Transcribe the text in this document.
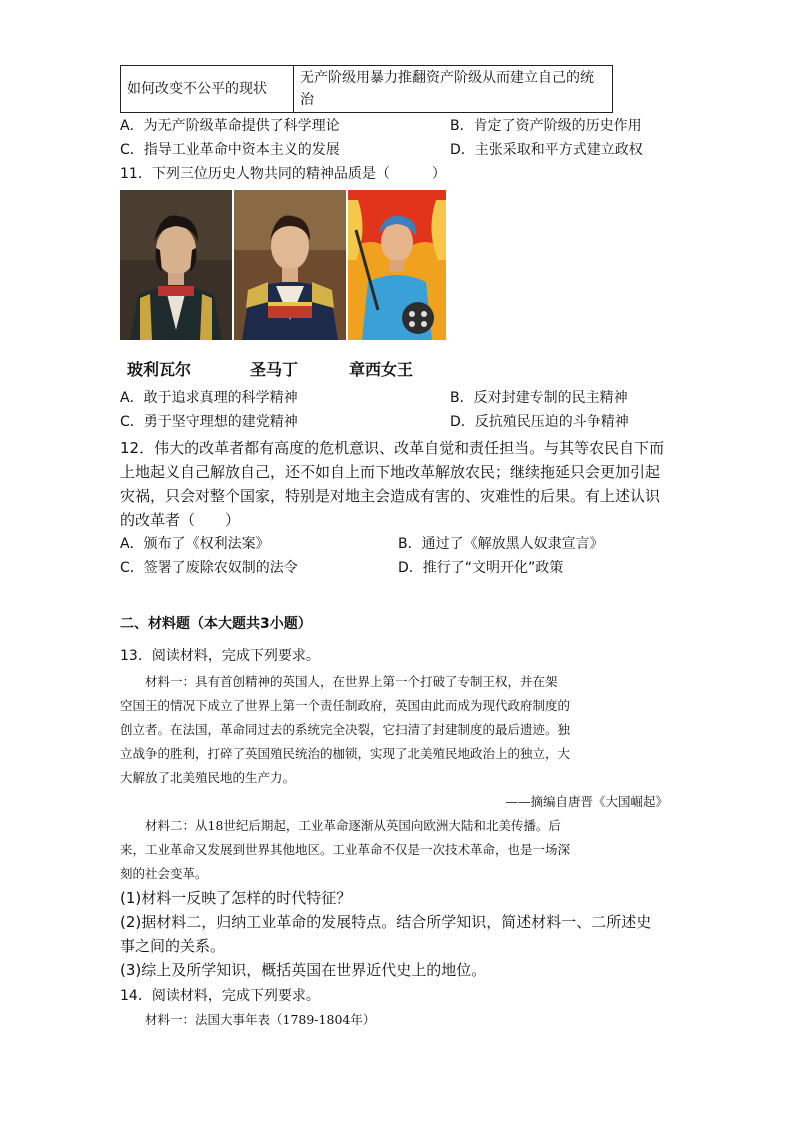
如何改变不公平的现状	无产阶级用暴力推翻资产阶级从而建立自己的统治
A．为无产阶级革命提供了科学理论	B．肯定了资产阶级的历史作用
C．指导工业革命中资本主义的发展	D．主张采取和平方式建立政权
11．下列三位历史人物共同的精神品质是（　　　）
玻利瓦尔	圣马丁	章西女王
A．敢于追求真理的科学精神	B．反对封建专制的民主精神
C．勇于坚守理想的建党精神	D．反抗殖民压迫的斗争精神
12．伟大的改革者都有高度的危机意识、改革自觉和责任担当。与其等农民自下而
上地起义自己解放自己，还不如自上而下地改革解放农民；继续拖延只会更加引起
灾祸，只会对整个国家，特别是对地主会造成有害的、灾难性的后果。有上述认识
的改革者（　　）
A．颁布了《权利法案》	B．通过了《解放黑人奴隶宣言》
C．签署了废除农奴制的法令	D．推行了“文明开化”政策
二、材料题（本大题共3小题）
13．阅读材料，完成下列要求。
　　材料一：具有首创精神的英国人，在世界上第一个打破了专制王权，并在架
空国王的情况下成立了世界上第一个责任制政府，英国由此而成为现代政府制度的
创立者。在法国，革命同过去的系统完全决裂，它扫清了封建制度的最后遗迹。独
立战争的胜利，打碎了英国殖民统治的枷锁，实现了北美殖民地政治上的独立，大
大解放了北美殖民地的生产力。
——摘编自唐晋《大国崛起》
　　材料二：从18世纪后期起，工业革命逐渐从英国向欧洲大陆和北美传播。后
来，工业革命又发展到世界其他地区。工业革命不仅是一次技术革命，也是一场深
刻的社会变革。
(1)材料一反映了怎样的时代特征？
(2)据材料二，归纳工业革命的发展特点。结合所学知识，简述材料一、二所述史
事之间的关系。
(3)综上及所学知识，概括英国在世界近代史上的地位。
14．阅读材料，完成下列要求。
　　材料一：法国大事年表（1789-1804年）
